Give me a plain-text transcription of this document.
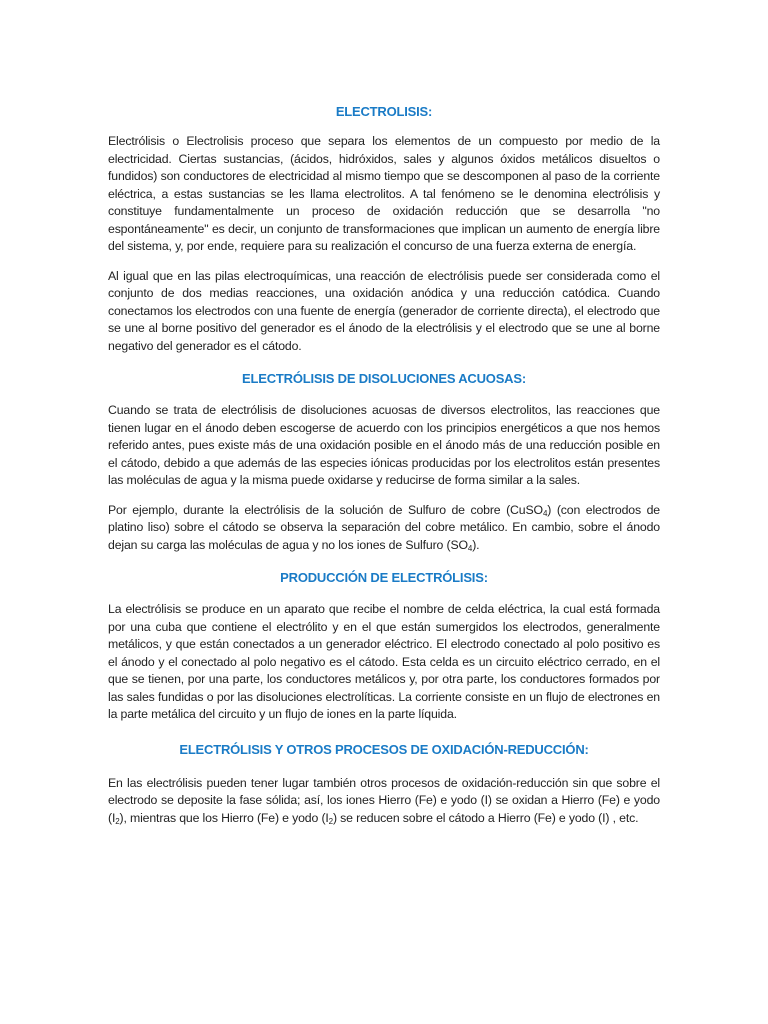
ELECTROLISIS:

Electrólisis o Electrolisis proceso que separa los elementos de un compuesto por medio de la electricidad. Ciertas sustancias, (ácidos, hidróxidos, sales y algunos óxidos metálicos disueltos o fundidos) son conductores de electricidad al mismo tiempo que se descomponen al paso de la corriente eléctrica, a estas sustancias se les llama electrolitos. A tal fenómeno se le denomina electrólisis y constituye fundamentalmente un proceso de oxidación reducción que se desarrolla "no espontáneamente" es decir, un conjunto de transformaciones que implican un aumento de energía libre del sistema, y, por ende, requiere para su realización el concurso de una fuerza externa de energía.

Al igual que en las pilas electroquímicas, una reacción de electrólisis puede ser considerada como el conjunto de dos medias reacciones, una oxidación anódica y una reducción catódica. Cuando conectamos los electrodos con una fuente de energía (generador de corriente directa), el electrodo que se une al borne positivo del generador es el ánodo de la electrólisis y el electrodo que se une al borne negativo del generador es el cátodo.

ELECTRÓLISIS DE DISOLUCIONES ACUOSAS:

Cuando se trata de electrólisis de disoluciones acuosas de diversos electrolitos, las reacciones que tienen lugar en el ánodo deben escogerse de acuerdo con los principios energéticos a que nos hemos referido antes, pues existe más de una oxidación posible en el ánodo más de una reducción posible en el cátodo, debido a que además de las especies iónicas producidas por los electrolitos están presentes las moléculas de agua y la misma puede oxidarse y reducirse de forma similar a la sales.

Por ejemplo, durante la electrólisis de la solución de Sulfuro de cobre (CuSO$_4$) (con electrodos de platino liso) sobre el cátodo se observa la separación del cobre metálico. En cambio, sobre el ánodo dejan su carga las moléculas de agua y no los iones de Sulfuro $(SO_4)$.

PRODUCCIÓN DE ELECTRÓLISIS:

La electrólisis se produce en un aparato que recibe el nombre de celda eléctrica, la cual está formada por una cuba que contiene el electrólito y en el que están sumergidos los electrodos, generalmente metálicos, y que están conectados a un generador eléctrico. El electrodo conectado al polo positivo es el ánodo y el conectado al polo negativo es el cátodo. Esta celda es un circuito eléctrico cerrado, en el que se tienen, por una parte, los conductores metálicos y, por otra parte, los conductores formados por las sales fundidas o por las disoluciones electrolíticas. La corriente consiste en un flujo de electrones en la parte metálica del circuito y un flujo de iones en la parte líquida.

ELECTRÓLISIS Y OTROS PROCESOS DE OXIDACIÓN-REDUCCIÓN:

En las electrólisis pueden tener lugar también otros procesos de oxidación-reducción sin que sobre el electrodo se deposite la fase sólida; así, los iones Hierro (Fe) e yodo (I) se oxidan a Hierro (Fe) e yodo $(I_2)$, mientras que los Hierro (Fe) e yodo $(I_2)$ se reducen sobre el cátodo a Hierro (Fe) e yodo (I) , etc.
